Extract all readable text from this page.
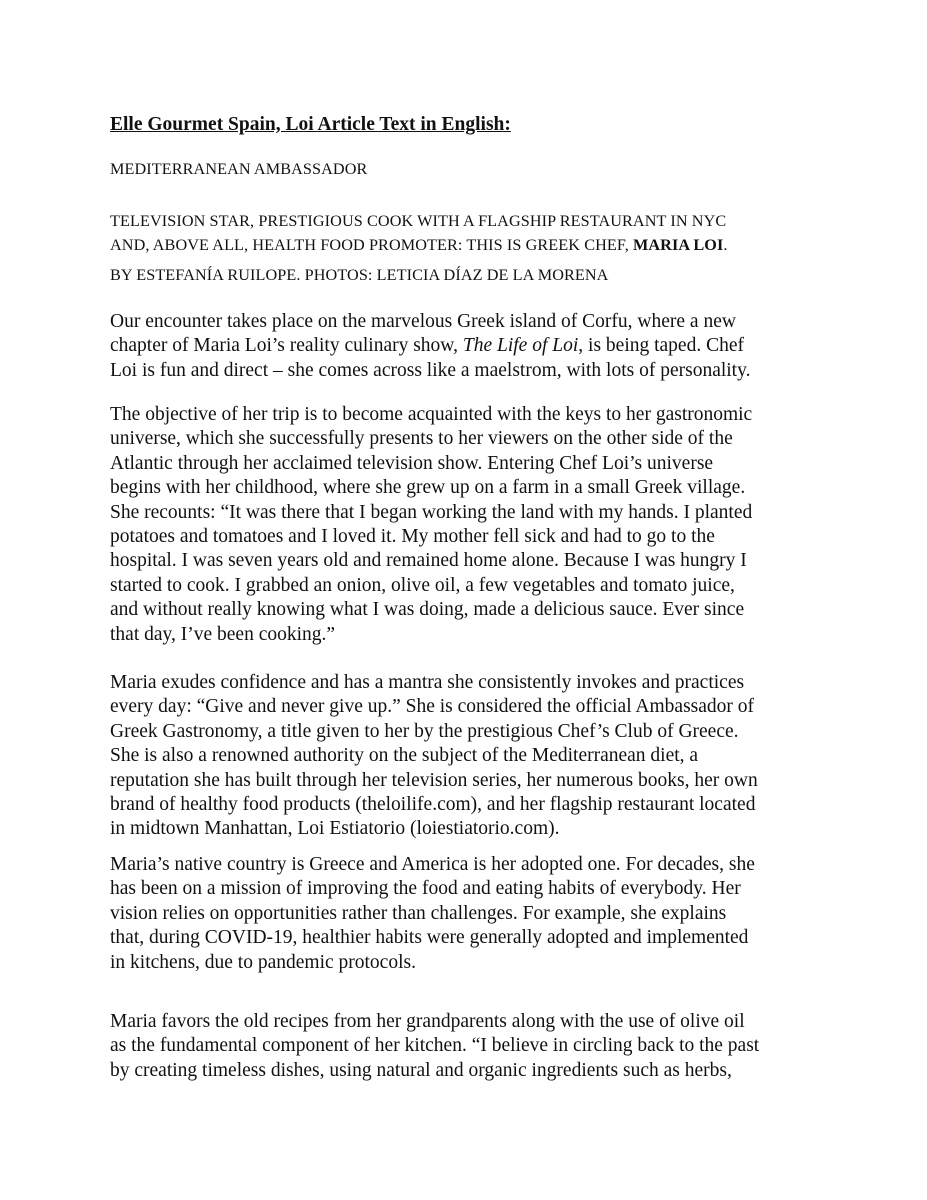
Elle Gourmet Spain, Loi Article Text in English:

MEDITERRANEAN AMBASSADOR

TELEVISION STAR, PRESTIGIOUS COOK WITH A FLAGSHIP RESTAURANT IN NYC
AND, ABOVE ALL, HEALTH FOOD PROMOTER: THIS IS GREEK CHEF, MARIA LOI.

BY ESTEFANÍA RUILOPE. PHOTOS: LETICIA DÍAZ DE LA MORENA

Our encounter takes place on the marvelous Greek island of Corfu, where a new
chapter of Maria Loi’s reality culinary show, The Life of Loi, is being taped. Chef
Loi is fun and direct – she comes across like a maelstrom, with lots of personality.

The objective of her trip is to become acquainted with the keys to her gastronomic
universe, which she successfully presents to her viewers on the other side of the
Atlantic through her acclaimed television show. Entering Chef Loi’s universe
begins with her childhood, where she grew up on a farm in a small Greek village.
She recounts: “It was there that I began working the land with my hands. I planted
potatoes and tomatoes and I loved it. My mother fell sick and had to go to the
hospital. I was seven years old and remained home alone. Because I was hungry I
started to cook. I grabbed an onion, olive oil, a few vegetables and tomato juice,
and without really knowing what I was doing, made a delicious sauce. Ever since
that day, I’ve been cooking.”

Maria exudes confidence and has a mantra she consistently invokes and practices
every day: “Give and never give up.” She is considered the official Ambassador of
Greek Gastronomy, a title given to her by the prestigious Chef’s Club of Greece.
She is also a renowned authority on the subject of the Mediterranean diet, a
reputation she has built through her television series, her numerous books, her own
brand of healthy food products (theloilife.com), and her flagship restaurant located
in midtown Manhattan, Loi Estiatorio (loiestiatorio.com).

Maria’s native country is Greece and America is her adopted one. For decades, she
has been on a mission of improving the food and eating habits of everybody. Her
vision relies on opportunities rather than challenges. For example, she explains
that, during COVID-19, healthier habits were generally adopted and implemented
in kitchens, due to pandemic protocols.

Maria favors the old recipes from her grandparents along with the use of olive oil
as the fundamental component of her kitchen. “I believe in circling back to the past
by creating timeless dishes, using natural and organic ingredients such as herbs,
